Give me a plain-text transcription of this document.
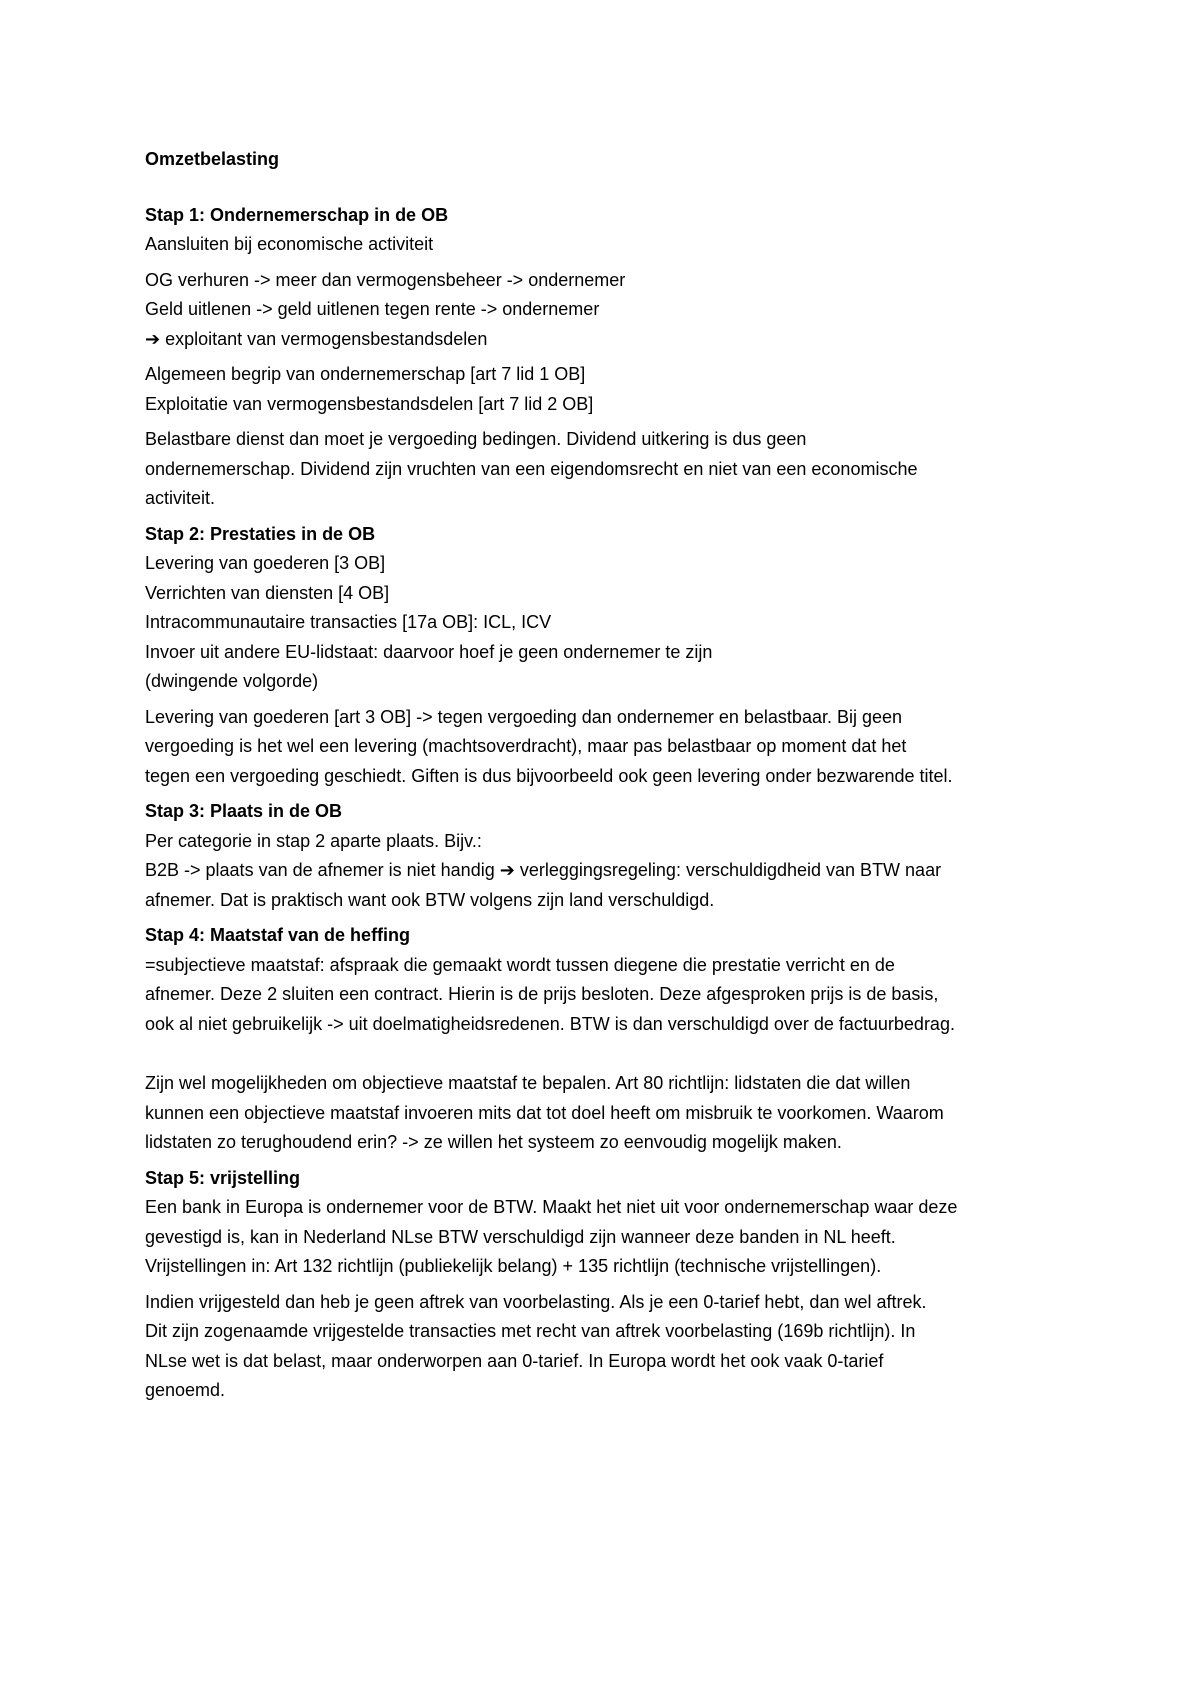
Omzetbelasting
Stap 1: Ondernemerschap in de OB
Aansluiten bij economische activiteit
OG verhuren -> meer dan vermogensbeheer -> ondernemer
Geld uitlenen -> geld uitlenen tegen rente -> ondernemer
➔ exploitant van vermogensbestandsdelen
Algemeen begrip van ondernemerschap [art 7 lid 1 OB]
Exploitatie van vermogensbestandsdelen [art 7 lid 2 OB]
Belastbare dienst dan moet je vergoeding bedingen. Dividend uitkering is dus geen
ondernemerschap. Dividend zijn vruchten van een eigendomsrecht en niet van een economische
activiteit.
Stap 2: Prestaties in de OB
Levering van goederen [3 OB]
Verrichten van diensten [4 OB]
Intracommunautaire transacties [17a OB]: ICL, ICV
Invoer uit andere EU-lidstaat: daarvoor hoef je geen ondernemer te zijn
(dwingende volgorde)
Levering van goederen [art 3 OB] -> tegen vergoeding dan ondernemer en belastbaar. Bij geen
vergoeding is het wel een levering (machtsoverdracht), maar pas belastbaar op moment dat het
tegen een vergoeding geschiedt. Giften is dus bijvoorbeeld ook geen levering onder bezwarende titel.
Stap 3: Plaats in de OB
Per categorie in stap 2 aparte plaats. Bijv.:
B2B -> plaats van de afnemer is niet handig ➔ verleggingsregeling: verschuldigdheid van BTW naar
afnemer. Dat is praktisch want ook BTW volgens zijn land verschuldigd.
Stap 4: Maatstaf van de heffing
=subjectieve maatstaf: afspraak die gemaakt wordt tussen diegene die prestatie verricht en de
afnemer. Deze 2 sluiten een contract. Hierin is de prijs besloten. Deze afgesproken prijs is de basis,
ook al niet gebruikelijk -> uit doelmatigheidsredenen. BTW is dan verschuldigd over de factuurbedrag.
Zijn wel mogelijkheden om objectieve maatstaf te bepalen. Art 80 richtlijn: lidstaten die dat willen
kunnen een objectieve maatstaf invoeren mits dat tot doel heeft om misbruik te voorkomen. Waarom
lidstaten zo terughoudend erin? -> ze willen het systeem zo eenvoudig mogelijk maken.
Stap 5: vrijstelling
Een bank in Europa is ondernemer voor de BTW. Maakt het niet uit voor ondernemerschap waar deze
gevestigd is, kan in Nederland NLse BTW verschuldigd zijn wanneer deze banden in NL heeft.
Vrijstellingen in: Art 132 richtlijn (publiekelijk belang) + 135 richtlijn (technische vrijstellingen).
Indien vrijgesteld dan heb je geen aftrek van voorbelasting. Als je een 0-tarief hebt, dan wel aftrek.
Dit zijn zogenaamde vrijgestelde transacties met recht van aftrek voorbelasting (169b richtlijn). In
NLse wet is dat belast, maar onderworpen aan 0-tarief. In Europa wordt het ook vaak 0-tarief
genoemd.
